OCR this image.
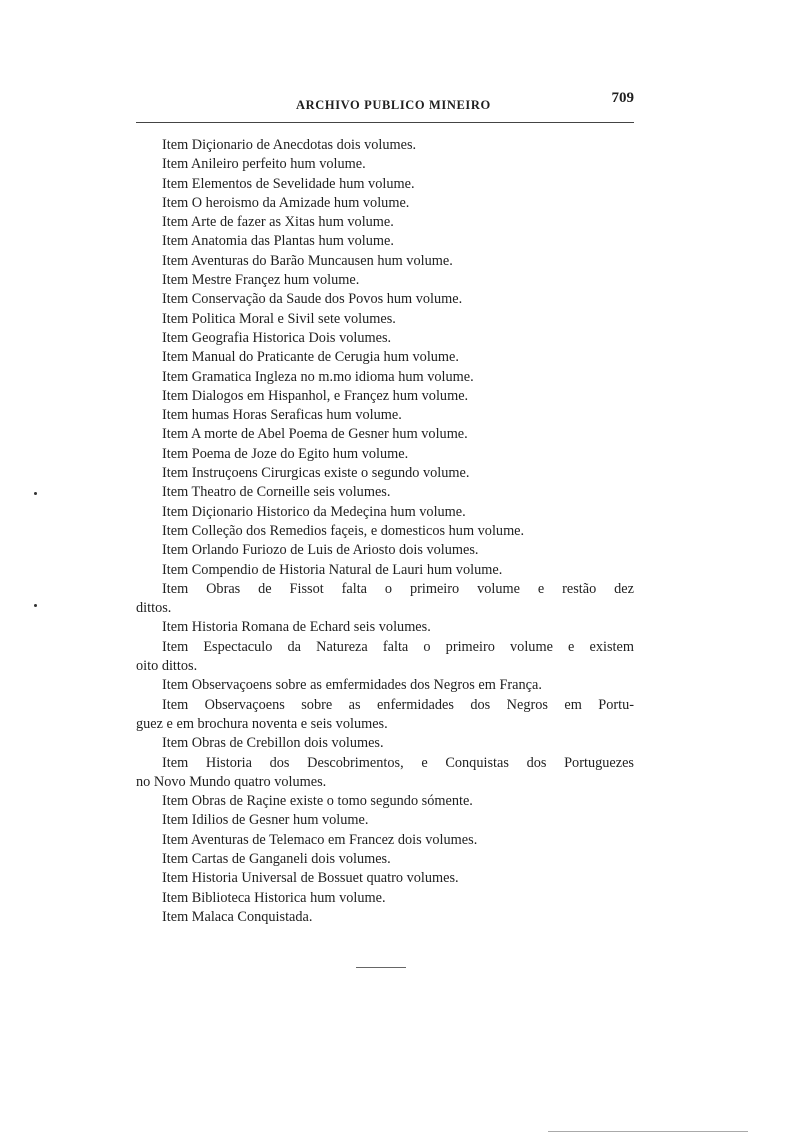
ARCHIVO PUBLICO MINEIRO	709
Item Diçionario de Anecdotas dois volumes.
Item Anileiro perfeito hum volume.
Item Elementos de Sevelidade hum volume.
Item O heroismo da Amizade hum volume.
Item Arte de fazer as Xitas hum volume.
Item Anatomia das Plantas hum volume.
Item Aventuras do Barão Muncausen hum volume.
Item Mestre Françez hum volume.
Item Conservação da Saude dos Povos hum volume.
Item Politica Moral e Sivil sete volumes.
Item Geografia Historica Dois volumes.
Item Manual do Praticante de Cerugia hum volume.
Item Gramatica Ingleza no m.mo idioma hum volume.
Item Dialogos em Hispanhol, e Françez hum volume.
Item humas Horas Seraficas hum volume.
Item A morte de Abel Poema de Gesner hum volume.
Item Poema de Joze do Egito hum volume.
Item Instruçoens Cirurgicas existe o segundo volume.
Item Theatro de Corneille seis volumes.
Item Diçionario Historico da Medeçina hum volume.
Item Colleção dos Remedios façeis, e domesticos hum volume.
Item Orlando Furiozo de Luis de Ariosto dois volumes.
Item Compendio de Historia Natural de Lauri hum volume.
Item Obras de Fissot falta o primeiro volume e restão dez
dittos.
Item Historia Romana de Echard seis volumes.
Item Espectaculo da Natureza falta o primeiro volume e existem
oito dittos.
Item Observaçoens sobre as emfermidades dos Negros em França.
Item Observaçoens sobre as enfermidades dos Negros em Portu-
guez e em brochura noventa e seis volumes.
Item Obras de Crebillon dois volumes.
Item Historia dos Descobrimentos, e Conquistas dos Portuguezes
no Novo Mundo quatro volumes.
Item Obras de Raçine existe o tomo segundo sómente.
Item Idilios de Gesner hum volume.
Item Aventuras de Telemaco em Francez dois volumes.
Item Cartas de Ganganeli dois volumes.
Item Historia Universal de Bossuet quatro volumes.
Item Biblioteca Historica hum volume.
Item Malaca Conquistada.
